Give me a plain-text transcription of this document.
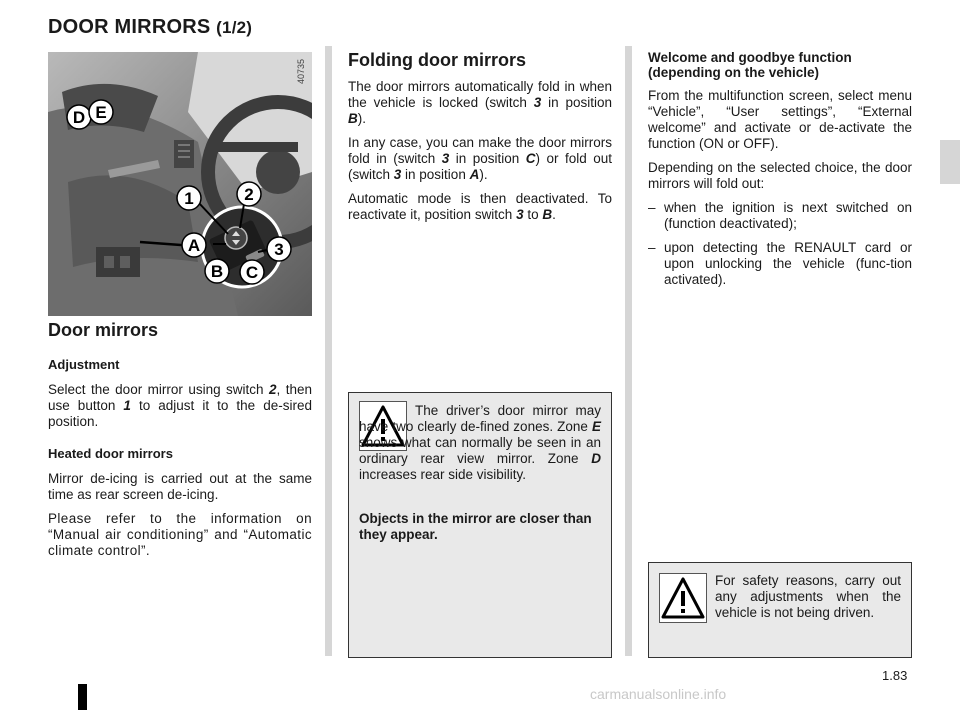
DOOR MIRRORS (1/2)
D E
1	2
A	3
B C
40735
Door mirrors
Adjustment

Select the door mirror using switch 2, then use button 1 to adjust it to the de-sired position.

Heated door mirrors

Mirror de-icing is carried out at the same time as rear screen de-icing.

Please refer to the information on “Manual air conditioning” and “Automatic climate control”.

Folding door mirrors

The door mirrors automatically fold in when the vehicle is locked (switch 3 in position B).

In any case, you can make the door mirrors fold in (switch 3 in position C) or fold out (switch 3 in position A).

Automatic mode is then deactivated. To reactivate it, position switch 3 to B.

The driver’s door mirror may have two clearly de-fined zones. Zone E shows what can normally be seen in an ordinary rear view mirror. Zone D increases rear side visibility.

Objects in the mirror are closer than they appear.

Welcome and goodbye function
(depending on the vehicle)

From the multifunction screen, select menu “Vehicle”, “User settings”, “External welcome” and activate or de-activate the function (ON or OFF).

Depending on the selected choice, the door mirrors will fold out:

– when the ignition is next switched on (function deactivated);

– upon detecting the RENAULT card or upon unlocking the vehicle (func-tion activated).

For safety reasons, carry out any adjustments when the vehicle is not being driven.

1.83
carmanualsonline.info
